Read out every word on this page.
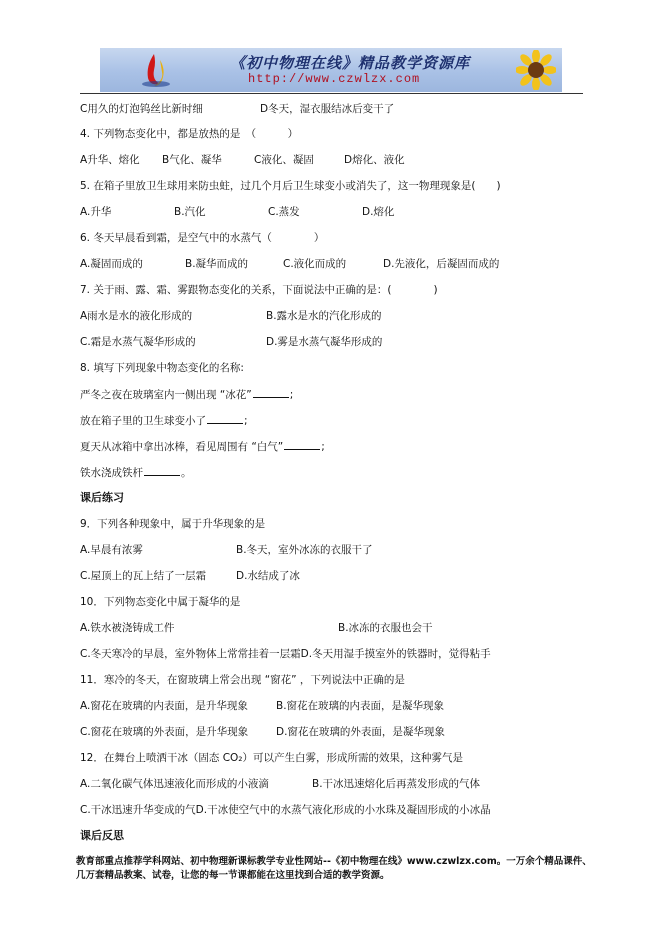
《初中物理在线》精品教学资源库
http://www.czwlzx.com
C用久的灯泡钨丝比新时细	D冬天，湿衣服结冰后变干了
4. 下列物态变化中，都是放热的是　（　　　）
A升华、熔化 B气化、凝华	C液化、凝固	D熔化、液化
5. 在箱子里放卫生球用来防虫蛀，过几个月后卫生球变小或消失了，这一物理现象是(　　)
A.升华	B.汽化	C.蒸发	D.熔化
6. 冬天早晨看到霜，是空气中的水蒸气（　　　　）
A.凝固而成的	B.凝华而成的	C.液化而成的	D.先液化，后凝固而成的
7. 关于雨、露、霜、雾跟物态变化的关系，下面说法中正确的是：(　　　　)
A雨水是水的液化形成的	B.露水是水的汽化形成的
C.霜是水蒸气凝华形成的	D.雾是水蒸气凝华形成的
8. 填写下列现象中物态变化的名称:
严冬之夜在玻璃室内一侧出现 “冰花”	;
放在箱子里的卫生球变小了	;
夏天从冰箱中拿出冰棒，看见周围有 “白气”	;
铁水浇成铁杆	。
课后练习
9．下列各种现象中，属于升华现象的是
A.早晨有浓雾	B.冬天，室外冰冻的衣服干了
C.屋顶上的瓦上结了一层霜	D.水结成了冰
10．下列物态变化中属于凝华的是
A.铁水被浇铸成工件	B.冰冻的衣服也会干
C.冬天寒冷的早晨，室外物体上常常挂着一层霜D.冬天用湿手摸室外的铁器时，觉得粘手
11．寒冷的冬天，在窗玻璃上常会出现 “窗花” ，下列说法中正确的是
A.窗花在玻璃的内表面，是升华现象	B.窗花在玻璃的内表面，是凝华现象
C.窗花在玻璃的外表面，是升华现象	D.窗花在玻璃的外表面，是凝华现象
12．在舞台上喷洒干冰（固态 CO₂）可以产生白雾，形成所需的效果，这种雾气是
A.二氧化碳气体迅速液化而形成的小液滴	B.干冰迅速熔化后再蒸发形成的气体
C.干冰迅速升华变成的气D.干冰使空气中的水蒸气液化形成的小水珠及凝固形成的小冰晶
课后反思
教育部重点推荐学科网站、初中物理新课标教学专业性网站--《初中物理在线》www.czwlzx.com。一万余个精品课件、
几万套精品教案、试卷，让您的每一节课都能在这里找到合适的教学资源。
